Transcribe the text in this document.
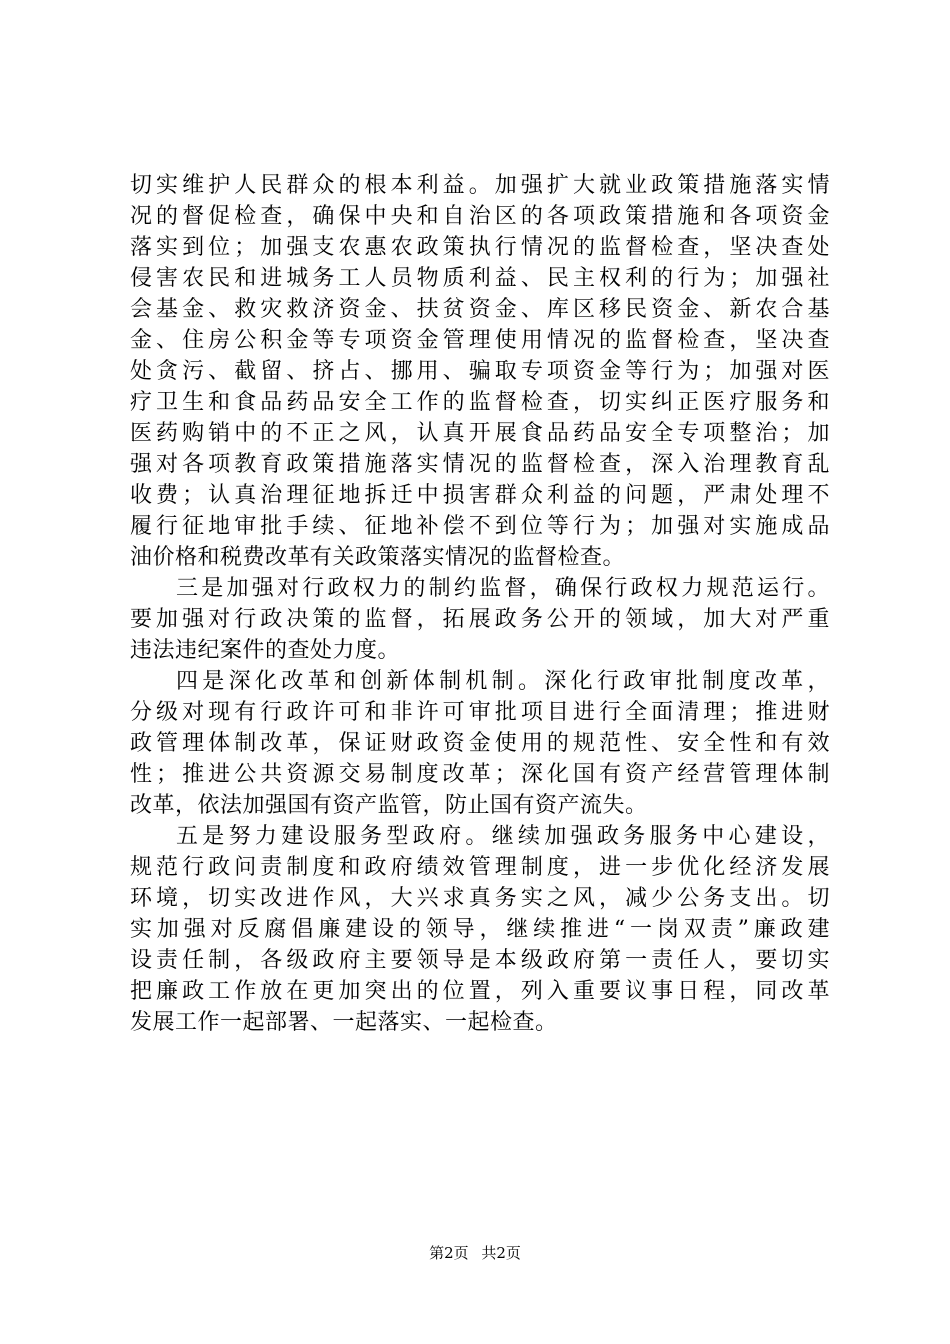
切实维护人民群众的根本利益。加强扩大就业政策措施落实情
况的督促检查，确保中央和自治区的各项政策措施和各项资金
落实到位；加强支农惠农政策执行情况的监督检查，坚决查处
侵害农民和进城务工人员物质利益、民主权利的行为；加强社
会基金、救灾救济资金、扶贫资金、库区移民资金、新农合基
金、住房公积金等专项资金管理使用情况的监督检查，坚决查
处贪污、截留、挤占、挪用、骗取专项资金等行为；加强对医
疗卫生和食品药品安全工作的监督检查，切实纠正医疗服务和
医药购销中的不正之风，认真开展食品药品安全专项整治；加
强对各项教育政策措施落实情况的监督检查，深入治理教育乱
收费；认真治理征地拆迁中损害群众利益的问题，严肃处理不
履行征地审批手续、征地补偿不到位等行为；加强对实施成品
油价格和税费改革有关政策落实情况的监督检查。
三是加强对行政权力的制约监督，确保行政权力规范运行。
要加强对行政决策的监督，拓展政务公开的领域，加大对严重
违法违纪案件的查处力度。
四是深化改革和创新体制机制。深化行政审批制度改革，
分级对现有行政许可和非许可审批项目进行全面清理；推进财
政管理体制改革，保证财政资金使用的规范性、安全性和有效
性；推进公共资源交易制度改革；深化国有资产经营管理体制
改革，依法加强国有资产监管，防止国有资产流失。
五是努力建设服务型政府。继续加强政务服务中心建设，
规范行政问责制度和政府绩效管理制度，进一步优化经济发展
环境，切实改进作风，大兴求真务实之风，减少公务支出。切
实加强对反腐倡廉建设的领导，继续推进“一岗双责”廉政建
设责任制，各级政府主要领导是本级政府第一责任人，要切实
把廉政工作放在更加突出的位置，列入重要议事日程，同改革
发展工作一起部署、一起落实、一起检查。
第2页 共2页
